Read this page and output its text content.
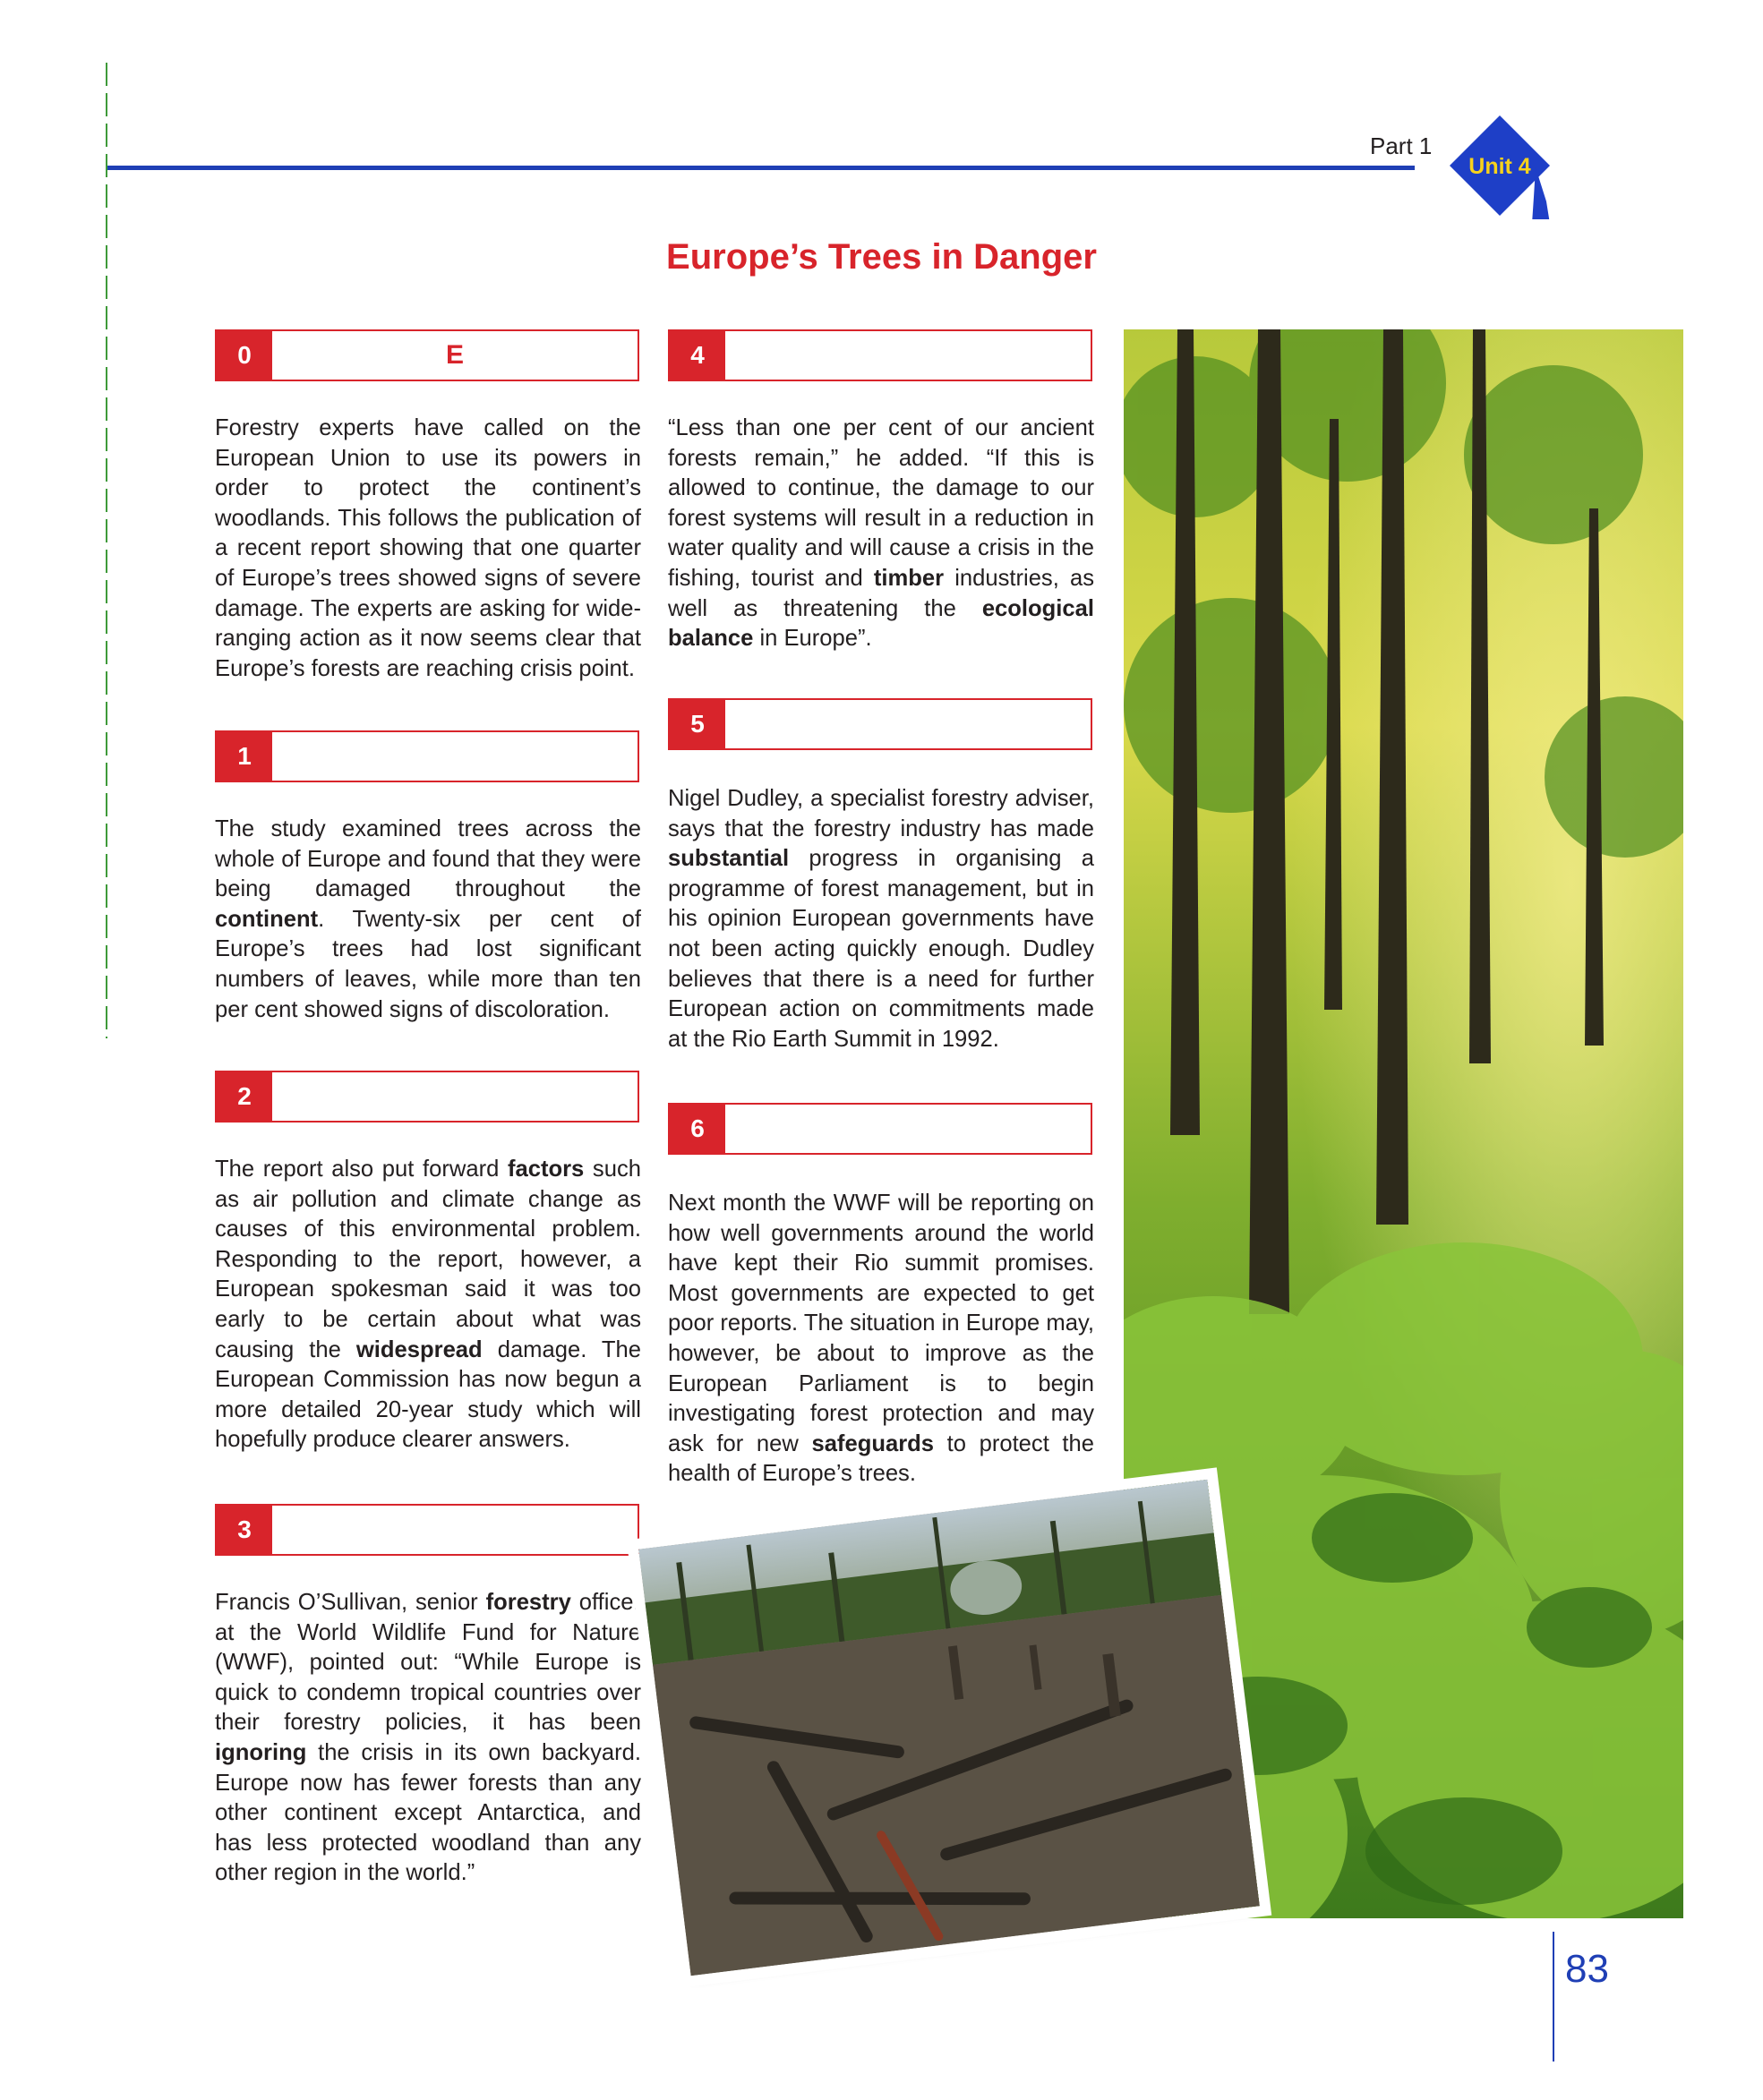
Part 1
Unit 4
Europe’s Trees in Danger
0	E
Forestry experts have called on the European Union to use its powers in order to protect the continent’s woodlands. This follows the publication of a recent report showing that one quarter of Europe’s trees showed signs of severe damage. The experts are asking for wide-ranging action as it now seems clear that Europe’s forests are reaching crisis point.
1
The study examined trees across the whole of Europe and found that they were being damaged throughout the continent. Twenty-six per cent of Europe’s trees had lost significant numbers of leaves, while more than ten per cent showed signs of discoloration.
2
The report also put forward factors such as air pollution and climate change as causes of this environmental problem. Responding to the report, however, a European spokesman said it was too early to be certain about what was causing the widespread damage. The European Commission has now begun a more detailed 20-year study which will hopefully produce clearer answers.
3
Francis O’Sullivan, senior forestry officer at the World Wildlife Fund for Nature (WWF), pointed out: “While Europe is quick to condemn tropical countries over their forestry policies, it has been ignoring the crisis in its own backyard. Europe now has fewer forests than any other continent except Antarctica, and has less protected woodland than any other region in the world.”
4
“Less than one per cent of our ancient forests remain,” he added. “If this is allowed to continue, the damage to our forest systems will result in a reduction in water quality and will cause a crisis in the fishing, tourist and timber industries, as well as threatening the ecological balance in Europe”.
5
Nigel Dudley, a specialist forestry adviser, says that the forestry industry has made substantial progress in organising a programme of forest management, but in his opinion European governments have not been acting quickly enough. Dudley believes that there is a need for further European action on commitments made at the Rio Earth Summit in 1992.
6
Next month the WWF will be reporting on how well governments around the world have kept their Rio summit promises. Most governments are expected to get poor reports. The situation in Europe may, however, be about to improve as the European Parliament is to begin investigating forest protection and may ask for new safeguards to protect the health of Europe’s trees.
83
